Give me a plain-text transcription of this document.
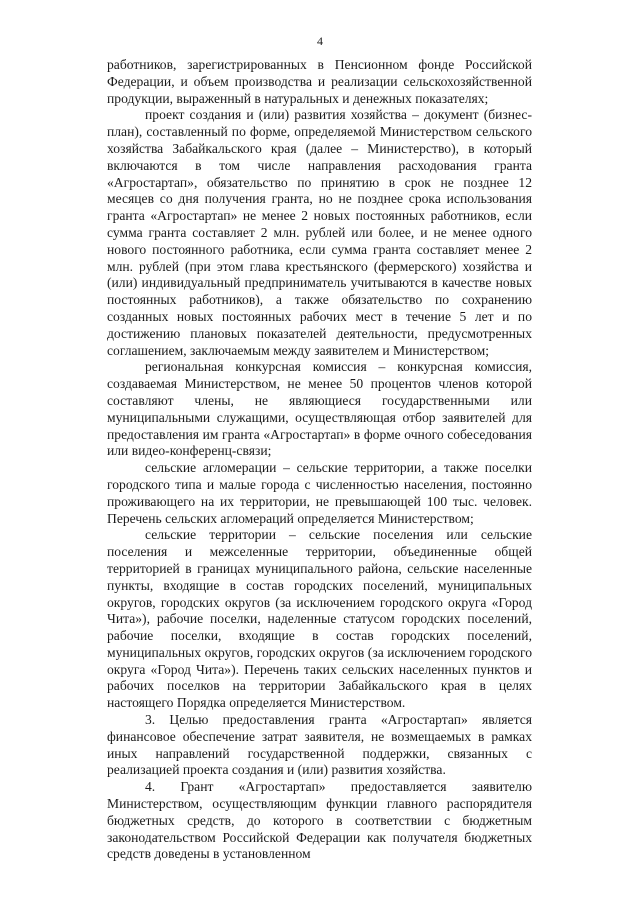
4

работников, зарегистрированных в Пенсионном фонде Российской Федерации, и объем производства и реализации сельскохозяйственной продукции, выраженный в натуральных и денежных показателях;

проект создания и (или) развития хозяйства – документ (бизнес-план), составленный по форме, определяемой Министерством сельского хозяйства Забайкальского края (далее – Министерство), в который включаются в том числе направления расходования гранта «Агростартап», обязательство по принятию в срок не позднее 12 месяцев со дня получения гранта, но не позднее срока использования гранта «Агростартап» не менее 2 новых постоянных работников, если сумма гранта составляет 2 млн. рублей или более, и не менее одного нового постоянного работника, если сумма гранта составляет менее 2 млн. рублей (при этом глава крестьянского (фермерского) хозяйства и (или) индивидуальный предприниматель учитываются в качестве новых постоянных работников), а также обязательство по сохранению созданных новых постоянных рабочих мест в течение 5 лет и по достижению плановых показателей деятельности, предусмотренных соглашением, заключаемым между заявителем и Министерством;

региональная конкурсная комиссия – конкурсная комиссия, создаваемая Министерством, не менее 50 процентов членов которой составляют члены, не являющиеся государственными или муниципальными служащими, осуществляющая отбор заявителей для предоставления им гранта «Агростартап» в форме очного собеседования или видео-конференц-связи;

сельские агломерации – сельские территории, а также поселки городского типа и малые города с численностью населения, постоянно проживающего на их территории, не превышающей 100 тыс. человек. Перечень сельских агломераций определяется Министерством;

сельские территории – сельские поселения или сельские поселения и межселенные территории, объединенные общей территорией в границах муниципального района, сельские населенные пункты, входящие в состав городских поселений, муниципальных округов, городских округов (за исключением городского округа «Город Чита»), рабочие поселки, наделенные статусом городских поселений, рабочие поселки, входящие в состав городских поселений, муниципальных округов, городских округов (за исключением городского округа «Город Чита»). Перечень таких сельских населенных пунктов и рабочих поселков на территории Забайкальского края в целях настоящего Порядка определяется Министерством.

3. Целью предоставления гранта «Агростартап» является финансовое обеспечение затрат заявителя, не возмещаемых в рамках иных направлений государственной поддержки, связанных с реализацией проекта создания и (или) развития хозяйства.

4. Грант «Агростартап» предоставляется заявителю Министерством, осуществляющим функции главного распорядителя бюджетных средств, до которого в соответствии с бюджетным законодательством Российской Федерации как получателя бюджетных средств доведены в установленном
